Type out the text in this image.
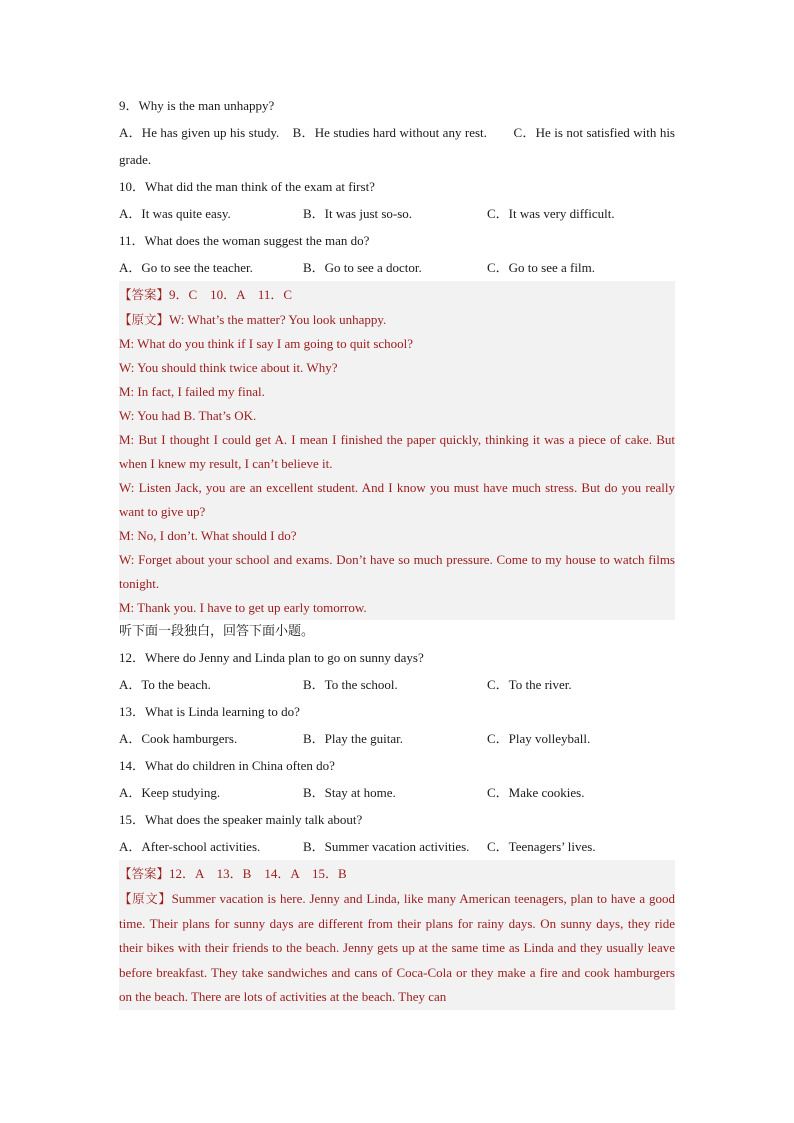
9．Why is the man unhappy?
A．He has given up his study.　B．He studies hard without any rest.　　C．He is not satisfied with his grade.
10．What did the man think of the exam at first?
A．It was quite easy.	B．It was just so-so.	C．It was very difficult.
11．What does the woman suggest the man do?
A．Go to see the teacher.	B．Go to see a doctor.	C．Go to see a film.
【答案】9．C　10．A　11．C
【原文】W: What’s the matter? You look unhappy.
M: What do you think if I say I am going to quit school?
W: You should think twice about it. Why?
M: In fact, I failed my final.
W: You had B. That’s OK.
M: But I thought I could get A. I mean I finished the paper quickly, thinking it was a piece of cake. But when I knew my result, I can’t believe it.
W: Listen Jack, you are an excellent student. And I know you must have much stress. But do you really want to give up?
M: No, I don’t. What should I do?
W: Forget about your school and exams. Don’t have so much pressure. Come to my house to watch films tonight.
M: Thank you. I have to get up early tomorrow.
听下面一段独白，回答下面小题。
12．Where do Jenny and Linda plan to go on sunny days?
A．To the beach.	B．To the school.	C．To the river.
13．What is Linda learning to do?
A．Cook hamburgers.	B．Play the guitar.	C．Play volleyball.
14．What do children in China often do?
A．Keep studying.	B．Stay at home.	C．Make cookies.
15．What does the speaker mainly talk about?
A．After-school activities.	B．Summer vacation activities.	C．Teenagers’ lives.
【答案】12．A　13．B　14．A　15．B
【原文】Summer vacation is here. Jenny and Linda, like many American teenagers, plan to have a good time. Their plans for sunny days are different from their plans for rainy days. On sunny days, they ride their bikes with their friends to the beach. Jenny gets up at the same time as Linda and they usually leave before breakfast. They take sandwiches and cans of Coca-Cola or they make a fire and cook hamburgers on the beach. There are lots of activities at the beach. They can
